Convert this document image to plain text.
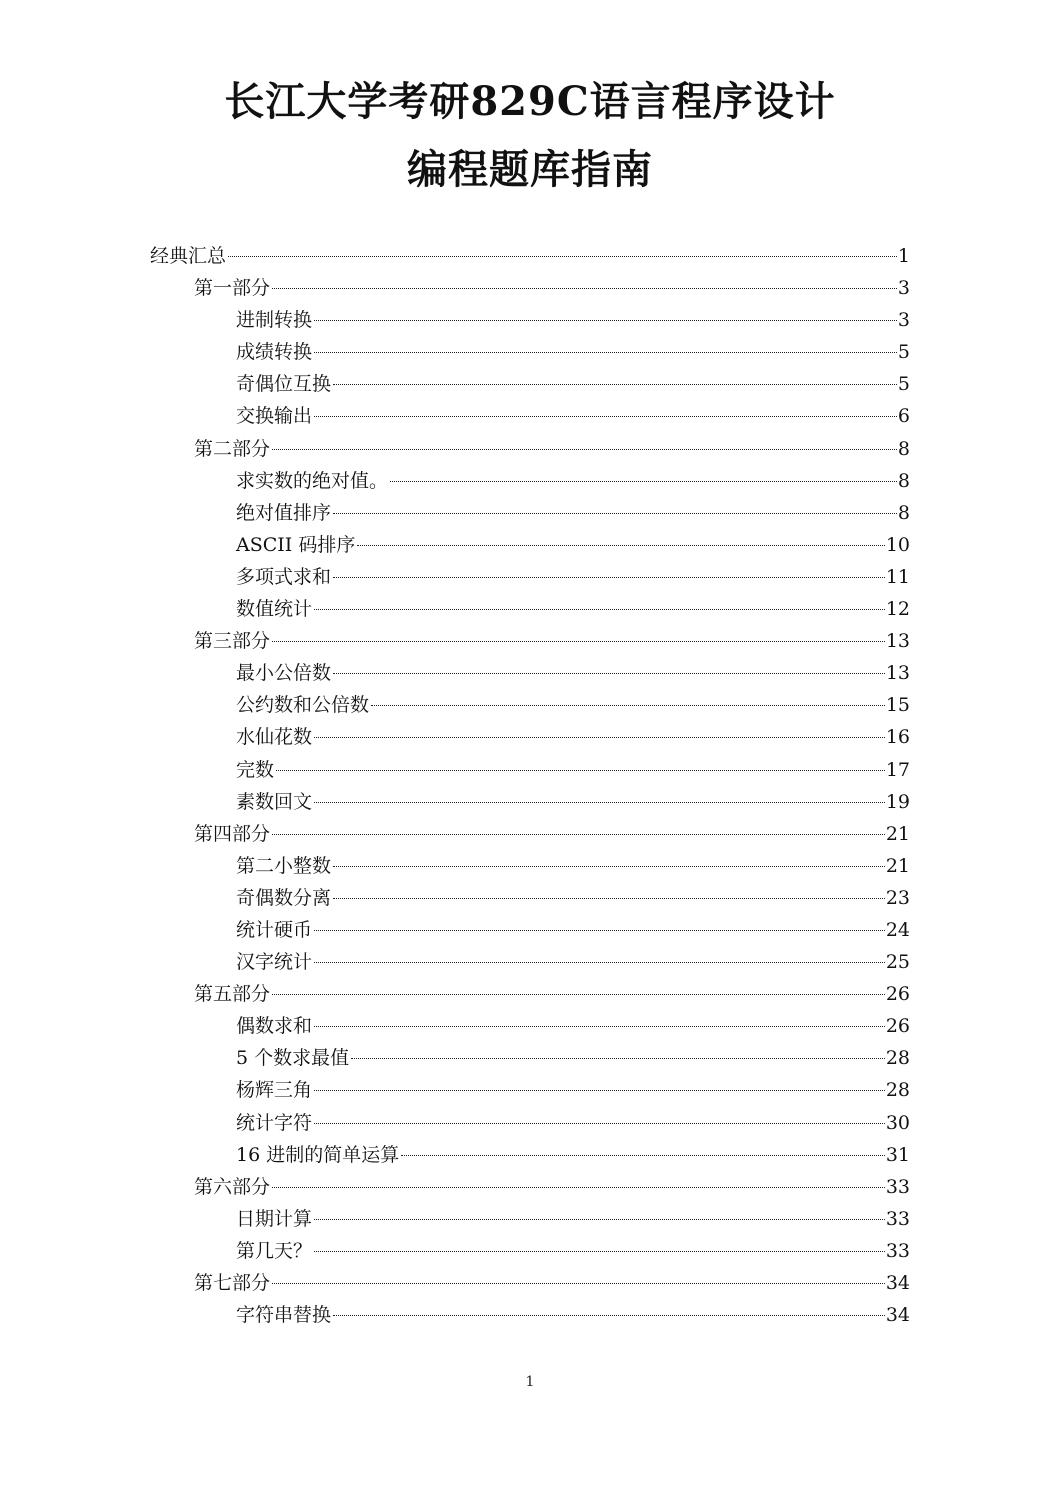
长江大学考研829C语言程序设计
编程题库指南
经典汇总	1
第一部分	3
进制转换	3
成绩转换	5
奇偶位互换	5
交换输出	6
第二部分	8
求实数的绝对值。	8
绝对值排序	8
ASCII 码排序	10
多项式求和	11
数值统计	12
第三部分	13
最小公倍数	13
公约数和公倍数	15
水仙花数	16
完数	17
素数回文	19
第四部分	21
第二小整数	21
奇偶数分离	23
统计硬币	24
汉字统计	25
第五部分	26
偶数求和	26
5 个数求最值	28
杨辉三角	28
统计字符	30
16 进制的简单运算	31
第六部分	33
日期计算	33
第几天？	33
第七部分	34
字符串替换	34
1
